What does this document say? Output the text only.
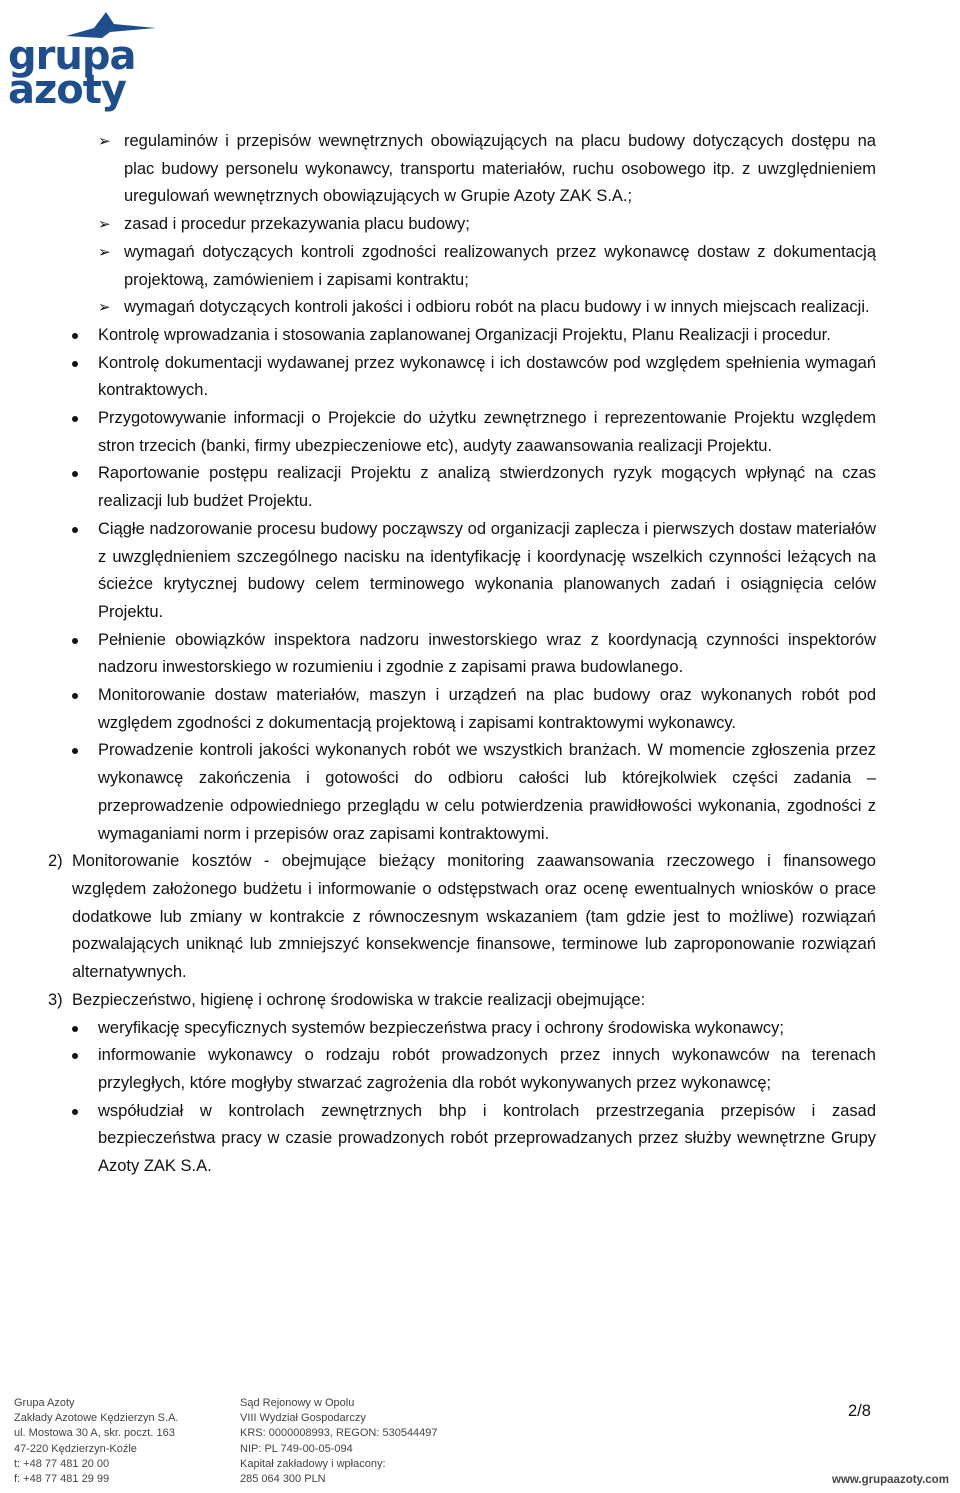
grupa
azoty
➢ regulaminów i przepisów wewnętrznych obowiązujących na placu budowy dotyczących dostępu na plac budowy personelu wykonawcy, transportu materiałów, ruchu osobowego itp. z uwzględnieniem uregulowań wewnętrznych obowiązujących w Grupie Azoty ZAK S.A.;
➢ zasad i procedur przekazywania placu budowy;
➢ wymagań dotyczących kontroli zgodności realizowanych przez wykonawcę dostaw z dokumentacją projektową, zamówieniem i zapisami kontraktu;
➢ wymagań dotyczących kontroli jakości i odbioru robót na placu budowy i w innych miejscach realizacji.
Kontrolę wprowadzania i stosowania zaplanowanej Organizacji Projektu, Planu Realizacji i procedur.
Kontrolę dokumentacji wydawanej przez wykonawcę i ich dostawców pod względem spełnienia wymagań kontraktowych.
Przygotowywanie informacji o Projekcie do użytku zewnętrznego i reprezentowanie Projektu względem stron trzecich (banki, firmy ubezpieczeniowe etc), audyty zaawansowania realizacji Projektu.
Raportowanie postępu realizacji Projektu z analizą stwierdzonych ryzyk mogących wpłynąć na czas realizacji lub budżet Projektu.
Ciągłe nadzorowanie procesu budowy począwszy od organizacji zaplecza i pierwszych dostaw materiałów z uwzględnieniem szczególnego nacisku na identyfikację i koordynację wszelkich czynności leżących na ścieżce krytycznej budowy celem terminowego wykonania planowanych zadań i osiągnięcia celów Projektu.
Pełnienie obowiązków inspektora nadzoru inwestorskiego wraz z koordynacją czynności inspektorów nadzoru inwestorskiego w rozumieniu i zgodnie z zapisami prawa budowlanego.
Monitorowanie dostaw materiałów, maszyn i urządzeń na plac budowy oraz wykonanych robót pod względem zgodności z dokumentacją projektową i zapisami kontraktowymi wykonawcy.
Prowadzenie kontroli jakości wykonanych robót we wszystkich branżach. W momencie zgłoszenia przez wykonawcę zakończenia i gotowości do odbioru całości lub którejkolwiek części zadania – przeprowadzenie odpowiedniego przeglądu w celu potwierdzenia prawidłowości wykonania, zgodności z wymaganiami norm i przepisów oraz zapisami kontraktowymi.
2) Monitorowanie kosztów - obejmujące bieżący monitoring zaawansowania rzeczowego i finansowego względem założonego budżetu i informowanie o odstępstwach oraz ocenę ewentualnych wniosków o prace dodatkowe lub zmiany w kontrakcie z równoczesnym wskazaniem (tam gdzie jest to możliwe) rozwiązań pozwalających uniknąć lub zmniejszyć konsekwencje finansowe, terminowe lub zaproponowanie rozwiązań alternatywnych.
3) Bezpieczeństwo, higienę i ochronę środowiska w trakcie realizacji obejmujące:
weryfikację specyficznych systemów bezpieczeństwa pracy i ochrony środowiska wykonawcy;
informowanie wykonawcy o rodzaju robót prowadzonych przez innych wykonawców na terenach przyległych, które mogłyby stwarzać zagrożenia dla robót wykonywanych przez wykonawcę;
współudział w kontrolach zewnętrznych bhp i kontrolach przestrzegania przepisów i zasad bezpieczeństwa pracy w czasie prowadzonych robót przeprowadzanych przez służby wewnętrzne Grupy Azoty ZAK S.A.
Grupa Azoty
Zakłady Azotowe Kędzierzyn S.A.
ul. Mostowa 30 A, skr. poczt. 163
47-220 Kędzierzyn-Koźle
t: +48 77 481 20 00
f: +48 77 481 29 99
Sąd Rejonowy w Opolu
VIII Wydział Gospodarczy
KRS: 0000008993, REGON: 530544497
NIP: PL 749-00-05-094
Kapitał zakładowy i wpłacony:
285 064 300 PLN
2/8
www.grupaazoty.com
